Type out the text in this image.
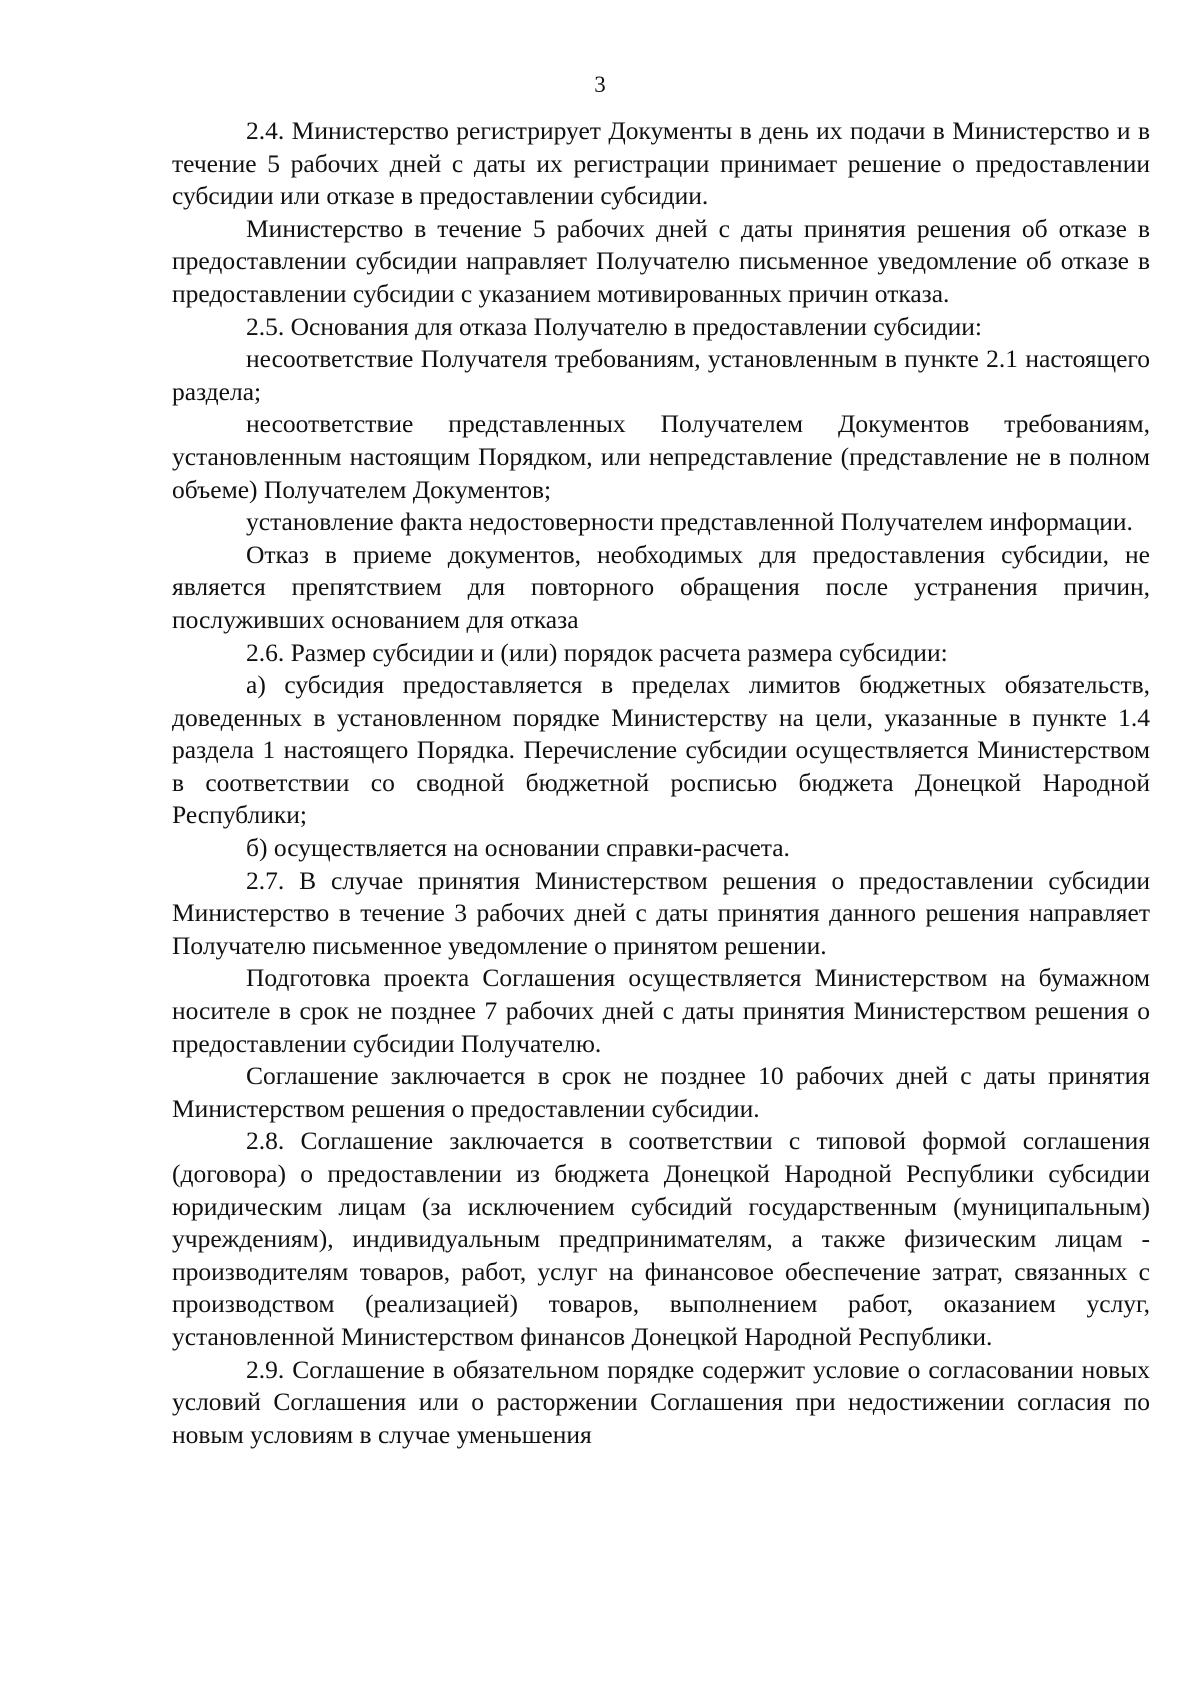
3

2.4. Министерство регистрирует Документы в день их подачи в Министерство и в течение 5 рабочих дней с даты их регистрации принимает решение о предоставлении субсидии или отказе в предоставлении субсидии.

Министерство в течение 5 рабочих дней с даты принятия решения об отказе в предоставлении субсидии направляет Получателю письменное уведомление об отказе в предоставлении субсидии с указанием мотивированных причин отказа.

2.5. Основания для отказа Получателю в предоставлении субсидии:

несоответствие Получателя требованиям, установленным в пункте 2.1 настоящего раздела;

несоответствие представленных Получателем Документов требованиям, установленным настоящим Порядком, или непредставление (представление не в полном объеме) Получателем Документов;

установление факта недостоверности представленной Получателем информации.

Отказ в приеме документов, необходимых для предоставления субсидии, не является препятствием для повторного обращения после устранения причин, послуживших основанием для отказа

2.6. Размер субсидии и (или) порядок расчета размера субсидии:

а) субсидия предоставляется в пределах лимитов бюджетных обязательств, доведенных в установленном порядке Министерству на цели, указанные в пункте 1.4 раздела 1 настоящего Порядка. Перечисление субсидии осуществляется Министерством в соответствии со сводной бюджетной росписью бюджета Донецкой Народной Республики;

б) осуществляется на основании справки-расчета.

2.7. В случае принятия Министерством решения о предоставлении субсидии Министерство в течение 3 рабочих дней с даты принятия данного решения направляет Получателю письменное уведомление о принятом решении.

Подготовка проекта Соглашения осуществляется Министерством на бумажном носителе в срок не позднее 7 рабочих дней с даты принятия Министерством решения о предоставлении субсидии Получателю.

Соглашение заключается в срок не позднее 10 рабочих дней с даты принятия Министерством решения о предоставлении субсидии.

2.8. Соглашение заключается в соответствии с типовой формой соглашения (договора) о предоставлении из бюджета Донецкой Народной Республики субсидии юридическим лицам (за исключением субсидий государственным (муниципальным) учреждениям), индивидуальным предпринимателям, а также физическим лицам - производителям товаров, работ, услуг на финансовое обеспечение затрат, связанных с производством (реализацией) товаров, выполнением работ, оказанием услуг, установленной Министерством финансов Донецкой Народной Республики.

2.9. Соглашение в обязательном порядке содержит условие о согласовании новых условий Соглашения или о расторжении Соглашения при недостижении согласия по новым условиям в случае уменьшения
